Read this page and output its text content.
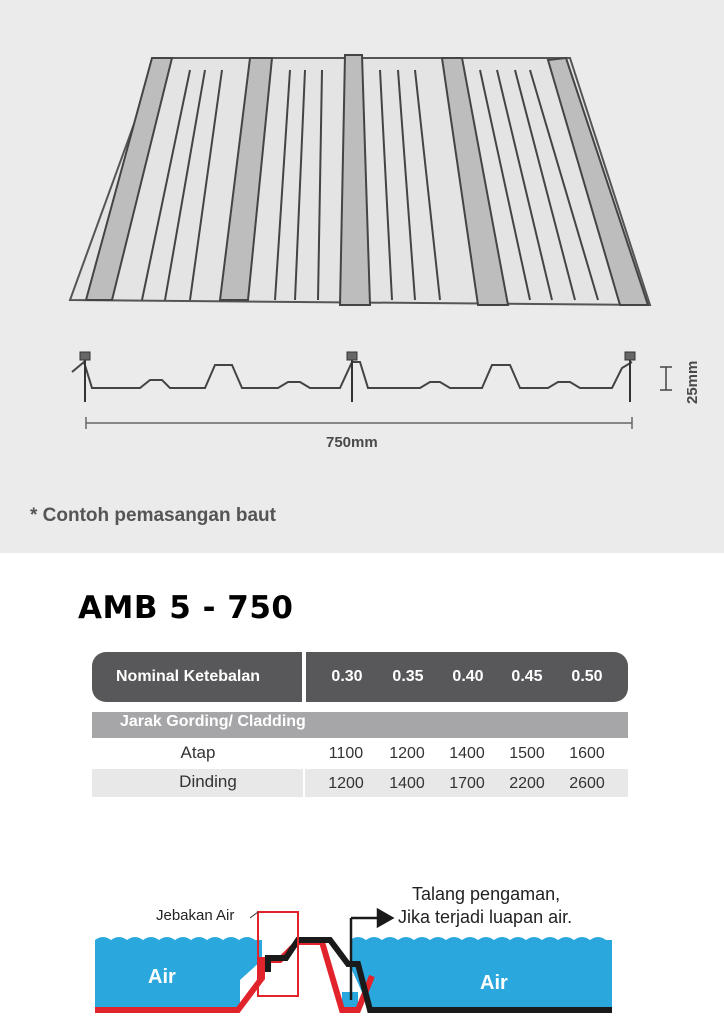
25mm
750mm
* Contoh pemasangan baut
AMB 5 - 750
Nominal Ketebalan	0.30	0.35	0.40	0.45	0.50
Jarak Gording/ Cladding
Atap	1100	1200	1400	1500	1600
Dinding	1200	1400	1700	2200	2600
Jebakan Air
Talang pengaman,
Jika terjadi luapan air.
Air	Air
